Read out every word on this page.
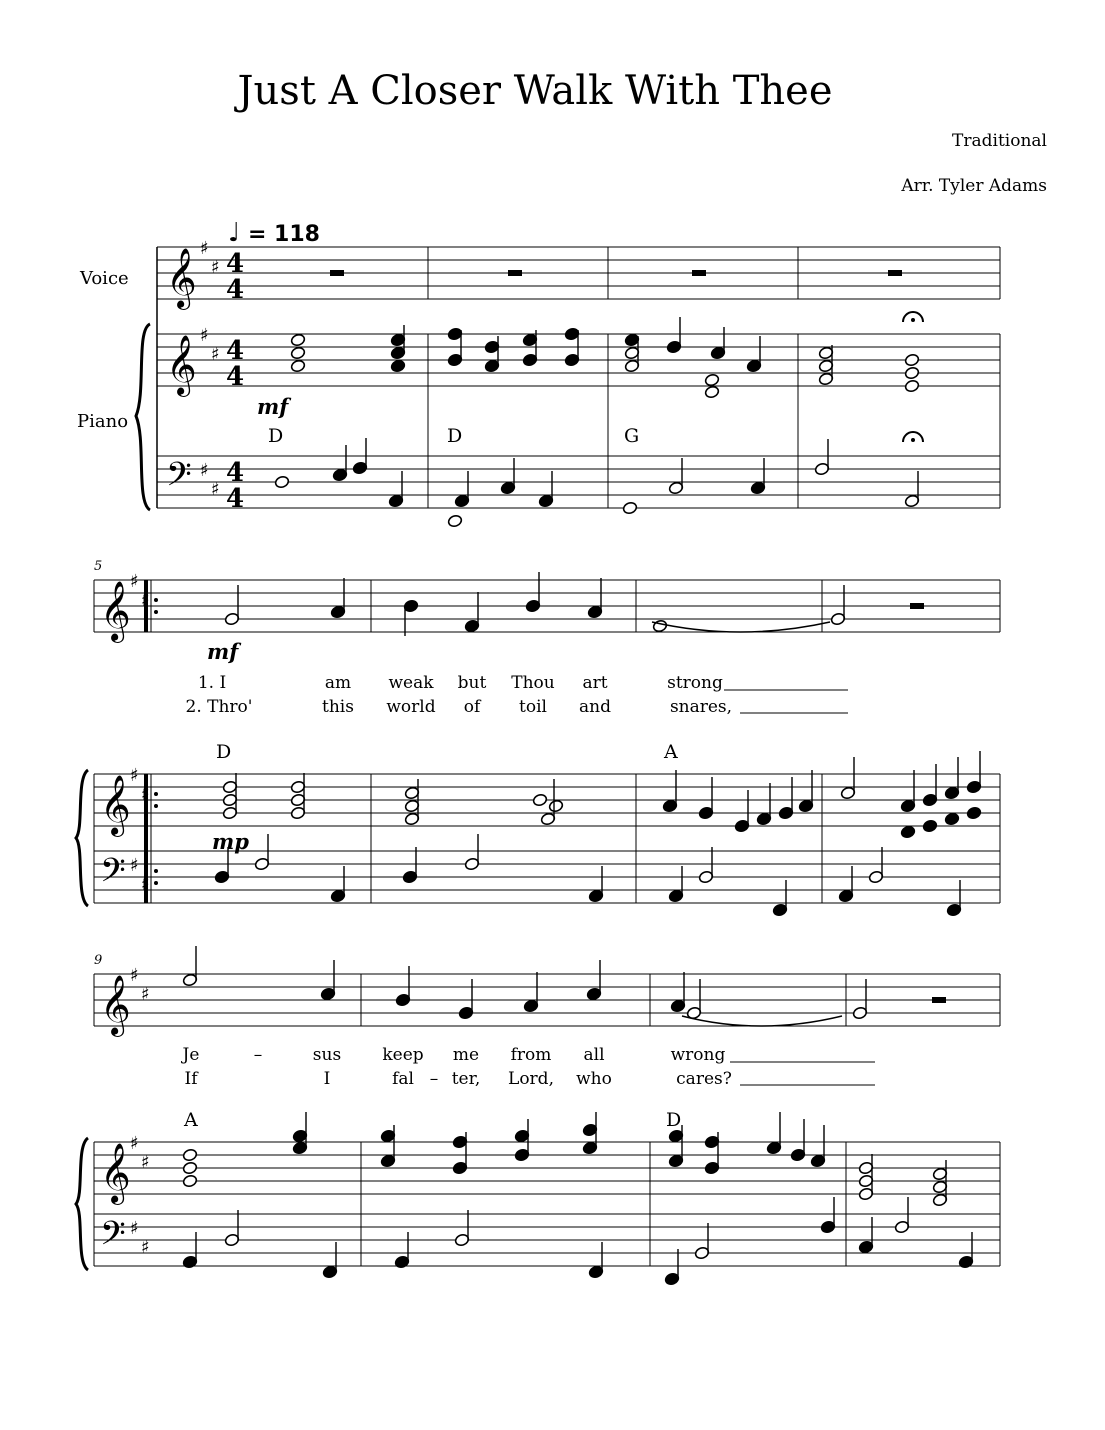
Just A Closer Walk With Thee
Traditional
Arr. Tyler Adams
♩ = 118
Voice
Piano
5
9
D	D	G
D	A
A	D
mf
mf
mp
1. I	am weak but Thou art	strong
2. Thro'	this world of toil and	snares,
Je	–	sus keep me from all	wrong
If	I	fal – ter, Lord, who	cares?
𝄞
𝄞
𝄢
𝄞
𝄞
𝄢
𝄞
𝄞
𝄢
♯
♯
♯
♯
♯
♯
♯
♯
♯
♯
♯
♯
♯
♯
♯
♯
♯
♯
4
4
4
4
4
4
